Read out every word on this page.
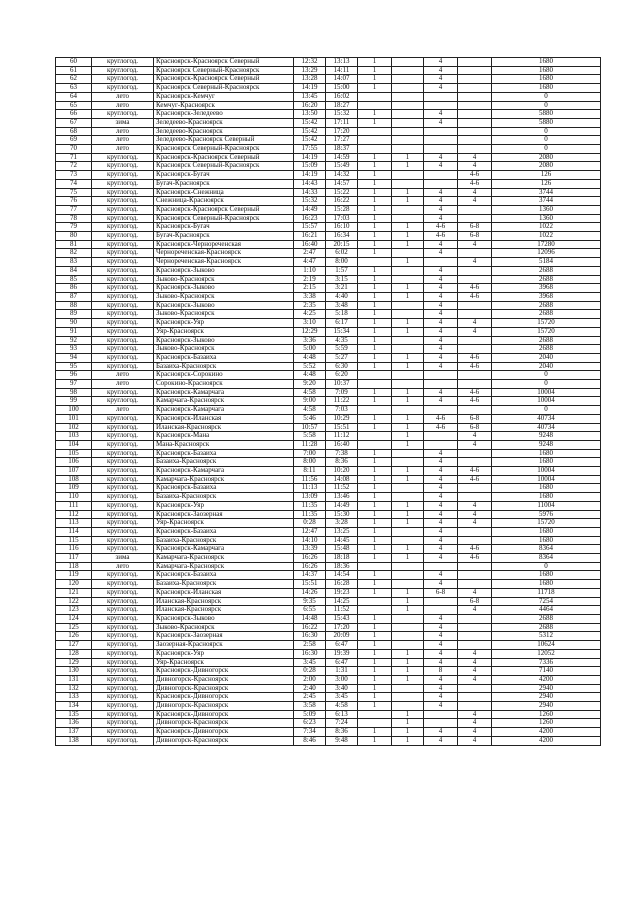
60	круглогод.	Красноярск-Красноярск Северный	12:32	13:13	1		4		1680
61	круглогод.	Красноярск Северный-Красноярск	13:29	14:11	1		4		1680
62	круглогод.	Красноярск-Красноярск Северный	13:28	14:07	1		4		1680
63	круглогод.	Красноярск Северный-Красноярск	14:19	15:00	1		4		1680
64	лето	Красноярск-Кемчуг	13:45	16:02					0
65	лето	Кемчуг-Красноярск	16:20	18:27					0
66	круглогод.	Красноярск-Зеледеево	13:50	15:32	1		4		5880
67	зима	Зеледеево-Красноярск	15:42	17:11	1		4		5880
68	лето	Зеледеево-Красноярск	15:42	17:20					0
69	лето	Зеледеево-Красноярск Северный	15:42	17:27					0
70	лето	Красноярск Северный-Красноярск	17:55	18:37					0
71	круглогод.	Красноярск-Красноярск Северный	14:19	14:59	1	1	4	4	2080
72	круглогод.	Красноярск Северный-Красноярск	15:09	15:49	1	1	4	4	2080
73	круглогод.	Красноярск-Бугач	14:19	14:32	1			4-6	126
74	круглогод.	Бугач-Красноярск	14:43	14:57	1			4-6	126
75	круглогод.	Красноярск-Снежница	14:33	15:22	1	1	4	4	3744
76	круглогод.	Снежница-Красноярск	15:32	16:22	1	1	4	4	3744
77	круглогод.	Красноярск-Красноярск Северный	14:49	15:28	1		4		1360
78	круглогод.	Красноярск Северный-Красноярск	16:23	17:03	1		4		1360
79	круглогод.	Красноярск-Бугач	15:57	16:10	1	1	4-6	6-8	1022
80	круглогод.	Бугач-Красноярск	16:21	16:34	1	1	4-6	6-8	1022
81	круглогод.	Красноярск-Чернореченская	16:40	20:15	1	1	4	4	17280
82	круглогод.	Чернореченская-Красноярск	2:47	6:02	1		4		12096
83	круглогод.	Чернореченская-Красноярск	4:47	8:00		1		4	5184
84	круглогод.	Красноярск-Зыково	1:10	1:57	1		4		2688
85	круглогод.	Зыково-Красноярск	2:19	3:15	1		4		2688
86	круглогод.	Красноярск-Зыково	2:15	3:21	1	1	4	4-6	3968
87	круглогод.	Зыково-Красноярск	3:38	4:40	1	1	4	4-6	3968
88	круглогод.	Красноярск-Зыково	2:35	3:48	1		4		2688
89	круглогод.	Зыково-Красноярск	4:25	5:18	1		4		2688
90	круглогод.	Красноярск-Уяр	3:10	6:17	1	1	4	4	15720
91	круглогод.	Уяр-Красноярск	12:29	15:34	1	1	4	4	15720
92	круглогод.	Красноярск-Зыково	3:36	4:35	1		4		2688
93	круглогод.	Зыково-Красноярск	5:00	5:59	1		4		2688
94	круглогод.	Красноярск-Базаиха	4:48	5:27	1	1	4	4-6	2040
95	круглогод.	Базаиха-Красноярск	5:52	6:30	1	1	4	4-6	2040
96	лето	Красноярск-Сорокино	4:48	6:20					0
97	лето	Сорокино-Красноярск	9:20	10:37					0
98	круглогод.	Красноярск-Камарчага	4:58	7:09	1	1	4	4-6	10004
99	круглогод.	Камарчага-Красноярск	9:00	11:22	1	1	4	4-6	10004
100	лето	Красноярск-Камарчага	4:58	7:03					0
101	круглогод.	Красноярск-Иланская	5:46	10:29	1	1	4-6	6-8	40734
102	круглогод.	Иланская-Красноярск	10:57	15:51	1	1	4-6	6-8	40734
103	круглогод.	Красноярск-Мана	5:58	11:12		1		4	9248
104	круглогод.	Мана-Красноярск	11:28	16:40		1		4	9248
105	круглогод.	Красноярск-Базаиха	7:00	7:38	1		4		1680
106	круглогод.	Базаиха-Красноярск	8:00	8:36	1		4		1680
107	круглогод.	Красноярск-Камарчага	8:11	10:20	1	1	4	4-6	10004
108	круглогод.	Камарчага-Красноярск	11:56	14:08	1	1	4	4-6	10004
109	круглогод.	Красноярск-Базаиха	11:13	11:52	1		4		1680
110	круглогод.	Базаиха-Красноярск	13:09	13:46	1		4		1680
111	круглогод.	Красноярск-Уяр	11:35	14:49	1	1	4	4	11004
112	круглогод.	Красноярск-Заозерная	11:35	15:30	1	1	4	4	5976
113	круглогод.	Уяр-Красноярск	0:28	3:28	1	1	4	4	15720
114	круглогод.	Красноярск-Базаиха	12:47	13:25	1		4		1680
115	круглогод.	Базаиха-Красноярск	14:10	14:45	1		4		1680
116	круглогод.	Красноярск-Камарчага	13:39	15:48	1	1	4	4-6	8364
117	зима	Камарчага-Красноярск	16:26	18:18	1	1	4	4-6	8364
118	лето	Камарчага-Красноярск	16:26	18:36					0
119	круглогод.	Красноярск-Базаиха	14:37	14:54	1		4		1680
120	круглогод.	Базаиха-Красноярск	15:51	16:28	1		4		1680
121	круглогод.	Красноярск-Иланская	14:26	19:23	1	1	6-8	4	11718
122	круглогод.	Иланская-Красноярск	9:35	14:25		1		6-8	7254
123	круглогод.	Иланская-Красноярск	6:55	11:52		1		4	4464
124	круглогод.	Красноярск-Зыково	14:48	15:43	1		4		2688
125	круглогод.	Зыково-Красноярск	16:22	17:20	1		4		2688
126	круглогод.	Красноярск-Заозерная	16:30	20:09	1		4		5312
127	круглогод.	Заозерная-Красноярск	2:58	6:47	1		4		10624
128	круглогод.	Красноярск-Уяр	16:30	19:39	1	1	4	4	12052
129	круглогод.	Уяр-Красноярск	3:45	6:47	1	1	4	4	7336
130	круглогод.	Красноярск-Дивногорск	0:28	1:31	1	1	8	4	7140
131	круглогод.	Дивногорск-Красноярск	2:00	3:00	1	1	4	4	4200
132	круглогод.	Дивногорск-Красноярск	2:40	3:40	1		4		2940
133	круглогод.	Красноярск-Дивногорск	2:45	3:45	1		4		2940
134	круглогод.	Дивногорск-Красноярск	3:58	4:58	1		4		2940
135	круглогод.	Красноярск-Дивногорск	5:09	6:13		1		4	1260
136	круглогод.	Дивногорск-Красноярск	6:23	7:24		1		4	1260
137	круглогод.	Красноярск-Дивногорск	7:34	8:36	1	1	4	4	4200
138	круглогод.	Дивногорск-Красноярск	8:46	9:48	1	1	4	4	4200
